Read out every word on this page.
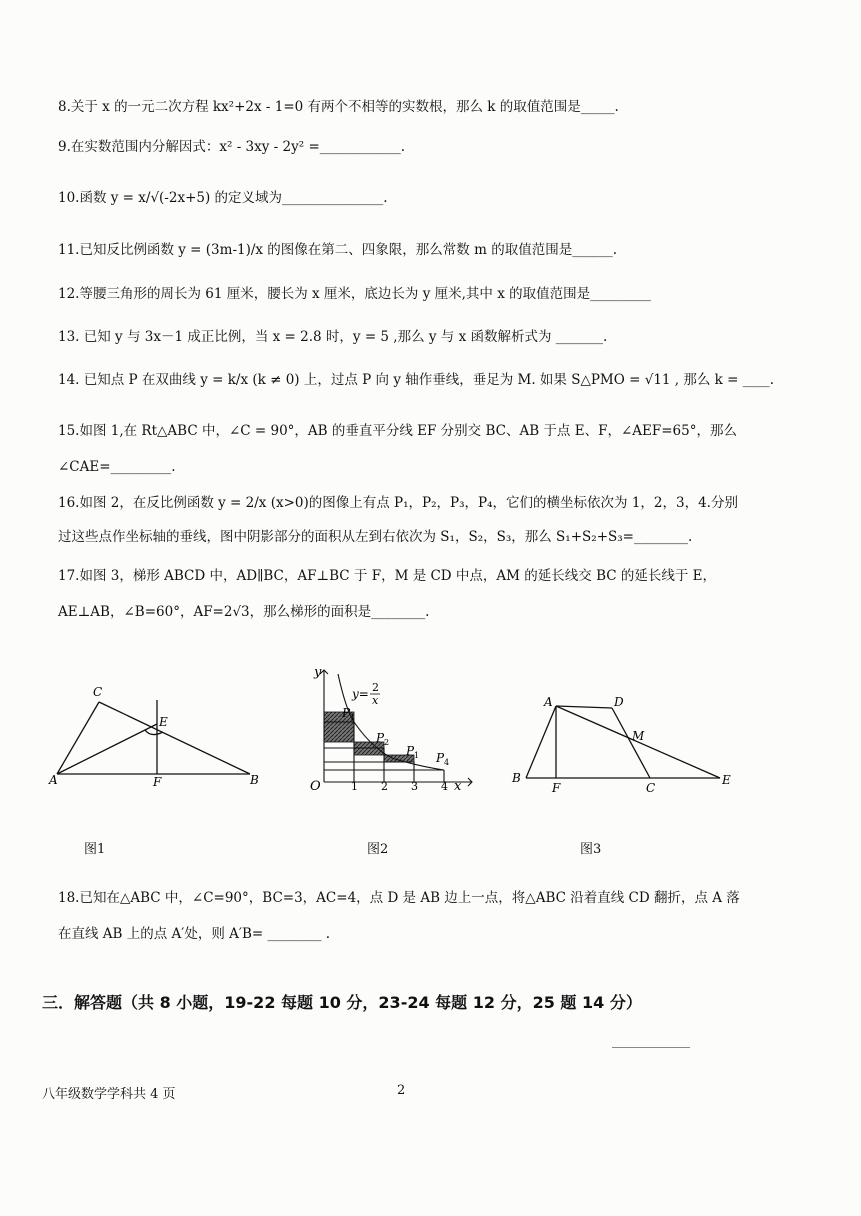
8.关于 x 的一元二次方程 kx²+2x - 1=0 有两个不相等的实数根，那么 k 的取值范围是_____.
9.在实数范围内分解因式：x² - 3xy - 2y² =____________.
10.函数 y = x/√(-2x+5) 的定义域为_______________.
11.已知反比例函数 y = (3m-1)/x 的图像在第二、四象限，那么常数 m 的取值范围是______.
12.等腰三角形的周长为 61 厘米，腰长为 x 厘米，底边长为 y 厘米,其中 x 的取值范围是_________
13. 已知 y 与 3x－1 成正比例，当 x = 2.8 时，y = 5 ,那么 y 与 x 函数解析式为 _______.
14. 已知点 P 在双曲线 y = k/x (k ≠ 0) 上，过点 P 向 y 轴作垂线，垂足为 M. 如果 S△PMO = √11 , 那么 k = ____.
15.如图 1,在 Rt△ABC 中，∠C = 90°，AB 的垂直平分线 EF 分别交 BC、AB 于点 E、F，∠AEF=65°，那么 ∠CAE=_________.
16.如图 2，在反比例函数 y = 2/x (x>0)的图像上有点 P₁，P₂，P₃，P₄，它们的横坐标依次为 1，2，3，4.分别过这些点作坐标轴的垂线，图中阴影部分的面积从左到右依次为 S₁，S₂，S₃，那么 S₁+S₂+S₃=________.
17.如图 3，梯形 ABCD 中，AD∥BC，AF⊥BC 于 F，M 是 CD 中点，AM 的延长线交 BC 的延长线于 E，AE⊥AB，∠B=60°，AF=2√3，那么梯形的面积是________.
A	B
C
E
F
y
x
O	1 2 3 4
y= 2
x
P 1
P 2
P 1 P 4
A	D
B
F	C
E
M
图1	图2	图3
18.已知在△ABC 中，∠C=90°，BC=3，AC=4，点 D 是 AB 边上一点，将△ABC 沿着直线 CD 翻折，点 A 落在直线 AB 上的点 A′处，则 A′B= ________ .
三．解答题（共 8 小题，19-22 每题 10 分，23-24 每题 12 分，25 题 14 分）
八年级数学学科共 4 页	2
